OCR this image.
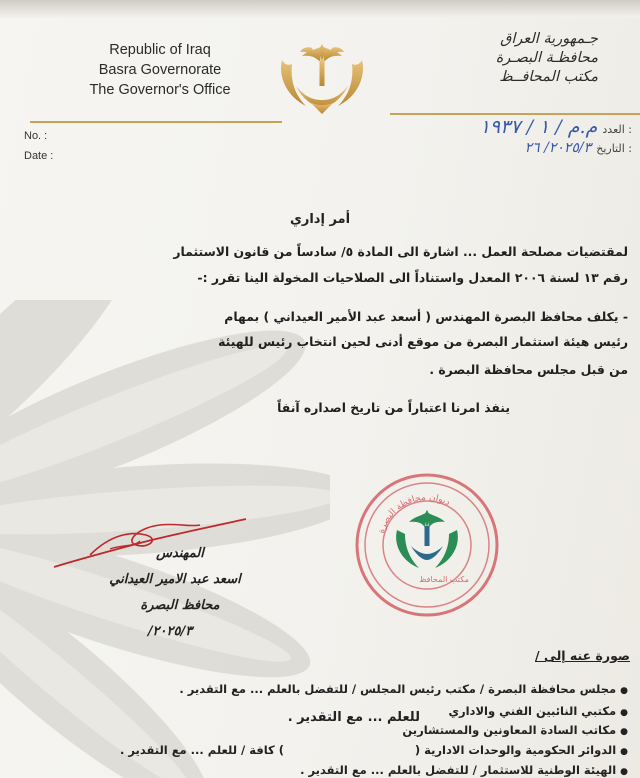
Republic of Iraq
Basra Governorate
The Governor's Office
جـمهورية العراق
محافظـة البصـرة
مكتب المحافــظ
No. :
Date :
: العدد م.م / ١ / ١٩٣٧
: التاريخ ٢٠٢٥/٣/ ٢٦
أمر إداري
لمقتضيات مصلحة العمل ... اشارة الى المادة ٥/ سادساً من قانون الاستثمار
رقم ١٣ لسنة ٢٠٠٦ المعدل واستناداً الى الصلاحيات المخولة الينا تقرر :-
- يكلف محافظ البصرة المهندس ( أسعد عبد الأمير العيداني ) بمهام
رئيس هيئة استثمار البصرة من موقع أدنى لحين انتخاب رئيس للهيئة
من قبل مجلس محافظة البصرة .
ينفذ امرنا اعتباراً من تاريخ اصداره آنفاً
ديوان محافظة البصرة
مكتب المحافظ
المهندس
اسعد عبد الامير العيداني
محافظ البصرة
٢٠٢٥/٣/
صورة عنه إلى /
●مجلس محافظة البصرة / مكتب رئيس المجلس / للتفضل بالعلم ... مع التقدير .
●مكتبي النائبين الفني والاداري
●مكاتب السادة المعاونين والمستشارين
للعلم ... مع التقدير .
●الدوائر الحكومية والوحدات الادارية (
) كافة / للعلم ... مع التقدير .
●الهيئة الوطنية للاستثمار / للتفضل بالعلم ... مع التقدير .
